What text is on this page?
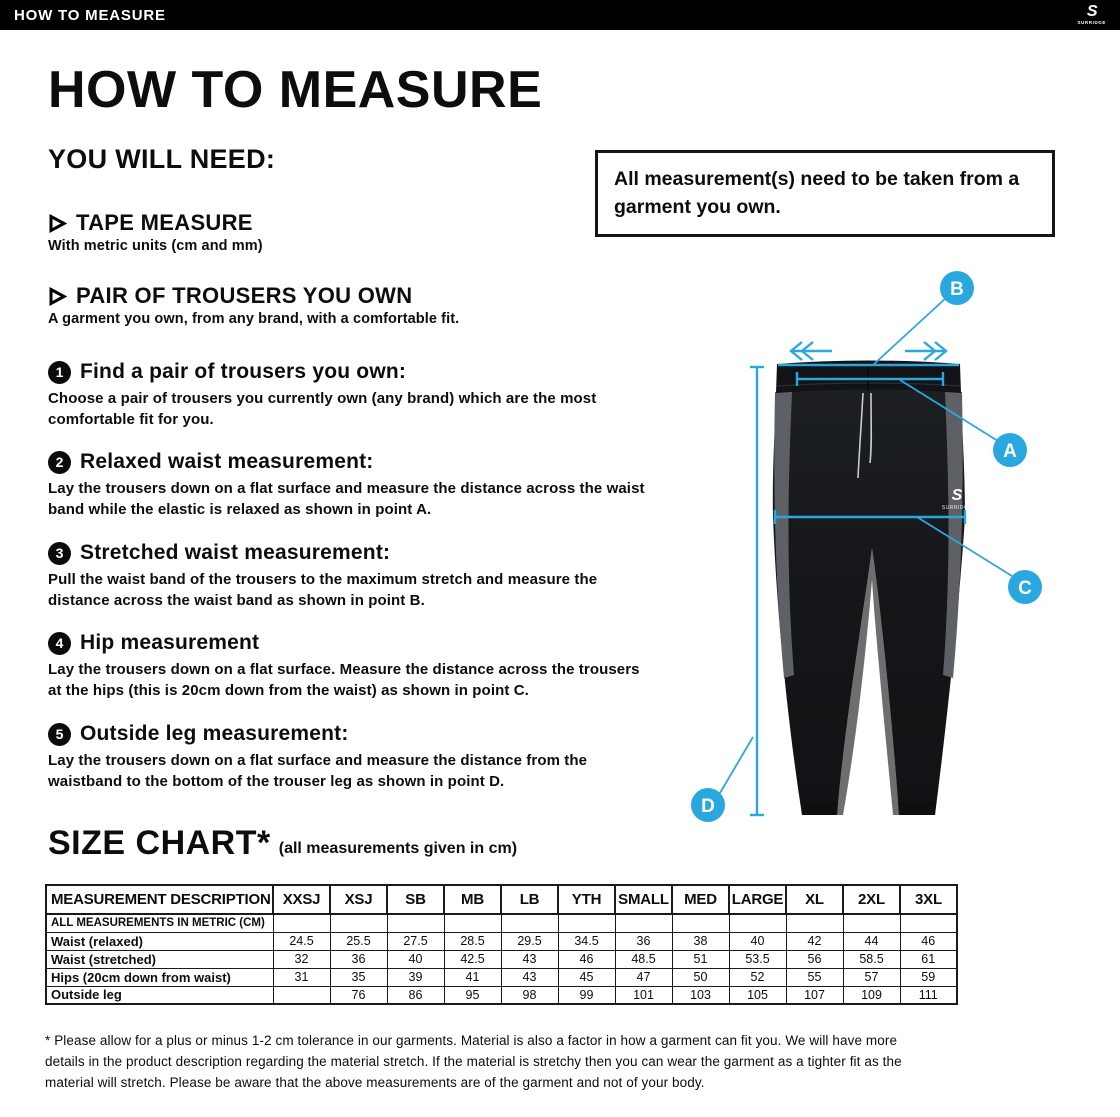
HOW TO MEASURE	S
SURRIDGE
HOW TO MEASURE
YOU WILL NEED:
All measurement(s) need to be taken from a garment you own.
TAPE MEASURE
With metric units (cm and mm)
PAIR OF TROUSERS YOU OWN
A garment you own, from any brand, with a comfortable fit.
1 Find a pair of trousers you own:
Choose a pair of trousers you currently own (any brand) which are the most comfortable fit for you.
2 Relaxed waist measurement:
Lay the trousers down on a flat surface and measure the distance across the waist band while the elastic is relaxed as shown in point A.
3 Stretched waist measurement:
Pull the waist band of the trousers to the maximum stretch and measure the distance across the waist band as shown in point B.
4 Hip measurement
Lay the trousers down on a flat surface. Measure the distance across the trousers at the hips (this is 20cm down from the waist) as shown in point C.
5 Outside leg measurement:
Lay the trousers down on a flat surface and measure the distance from the waistband to the bottom of the trouser leg as shown in point D.
S
SURRIDGE
B
A
C
D
SIZE CHART* (all measurements given in cm)
MEASUREMENT DESCRIPTION	XXSJ	XSJ	SB	MB	LB	YTH	SMALL	MED	LARGE	XL	2XL	3XL
ALL MEASUREMENTS IN METRIC (CM)												
Waist (relaxed)	24.5	25.5	27.5	28.5	29.5	34.5	36	38	40	42	44	46
Waist (stretched)	32	36	40	42.5	43	46	48.5	51	53.5	56	58.5	61
Hips (20cm down from waist)	31	35	39	41	43	45	47	50	52	55	57	59
Outside leg		76	86	95	98	99	101	103	105	107	109	111
* Please allow for a plus or minus 1-2 cm tolerance in our garments. Material is also a factor in how a garment can fit you. We will have more details in the product description regarding the material stretch. If the material is stretchy then you can wear the garment as a tighter fit as the material will stretch. Please be aware that the above measurements are of the garment and not of your body.
